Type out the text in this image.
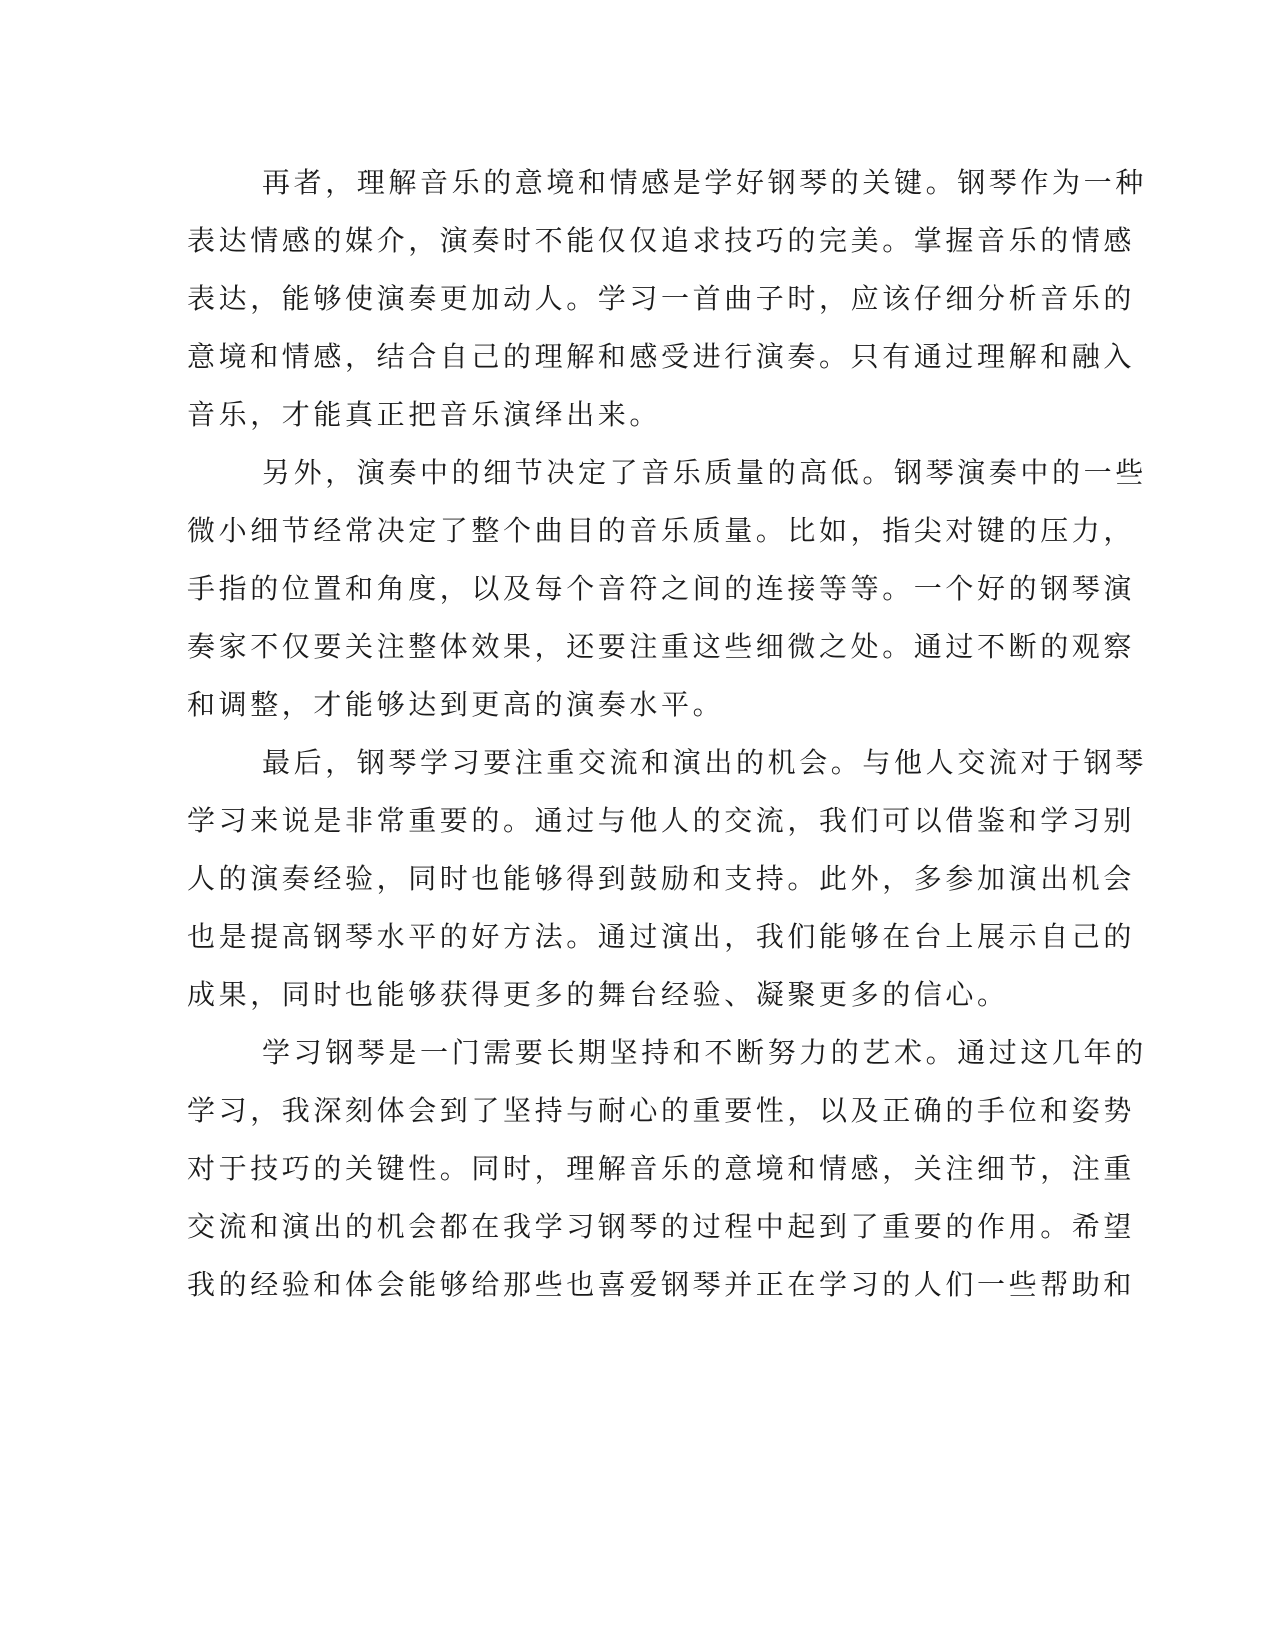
再者，理解音乐的意境和情感是学好钢琴的关键。钢琴作为一种
表达情感的媒介，演奏时不能仅仅追求技巧的完美。掌握音乐的情感
表达，能够使演奏更加动人。学习一首曲子时，应该仔细分析音乐的
意境和情感，结合自己的理解和感受进行演奏。只有通过理解和融入
音乐，才能真正把音乐演绎出来。
另外，演奏中的细节决定了音乐质量的高低。钢琴演奏中的一些
微小细节经常决定了整个曲目的音乐质量。比如，指尖对键的压力，
手指的位置和角度，以及每个音符之间的连接等等。一个好的钢琴演
奏家不仅要关注整体效果，还要注重这些细微之处。通过不断的观察
和调整，才能够达到更高的演奏水平。
最后，钢琴学习要注重交流和演出的机会。与他人交流对于钢琴
学习来说是非常重要的。通过与他人的交流，我们可以借鉴和学习别
人的演奏经验，同时也能够得到鼓励和支持。此外，多参加演出机会
也是提高钢琴水平的好方法。通过演出，我们能够在台上展示自己的
成果，同时也能够获得更多的舞台经验、凝聚更多的信心。
学习钢琴是一门需要长期坚持和不断努力的艺术。通过这几年的
学习，我深刻体会到了坚持与耐心的重要性，以及正确的手位和姿势
对于技巧的关键性。同时，理解音乐的意境和情感，关注细节，注重
交流和演出的机会都在我学习钢琴的过程中起到了重要的作用。希望
我的经验和体会能够给那些也喜爱钢琴并正在学习的人们一些帮助和
